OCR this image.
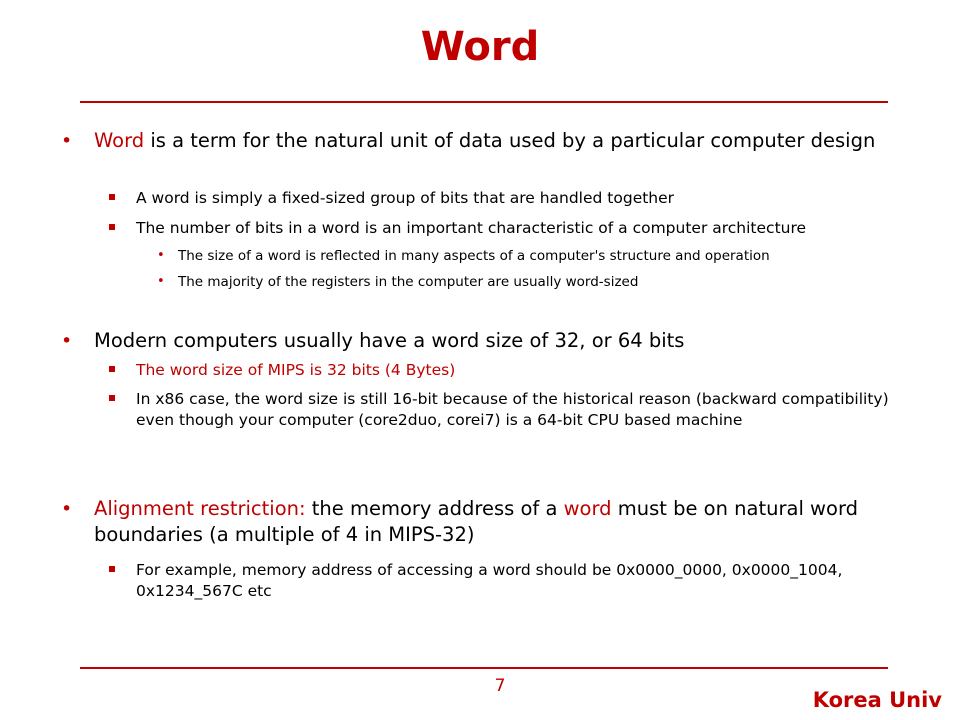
Word
• Word is a term for the natural unit of data used by a particular computer design
A word is simply a fixed-sized group of bits that are handled together
The number of bits in a word is an important characteristic of a computer architecture
• The size of a word is reflected in many aspects of a computer's structure and operation
• The majority of the registers in the computer are usually word-sized
• Modern computers usually have a word size of 32, or 64 bits
The word size of MIPS is 32 bits (4 Bytes)
In x86 case, the word size is still 16-bit because of the historical reason (backward compatibility) even though your computer (core2duo, corei7) is a 64-bit CPU based machine
• Alignment restriction: the memory address of a word must be on natural word boundaries (a multiple of 4 in MIPS-32)
For example, memory address of accessing a word should be 0x0000_0000, 0x0000_1004, 0x1234_567C etc
7
Korea Univ
